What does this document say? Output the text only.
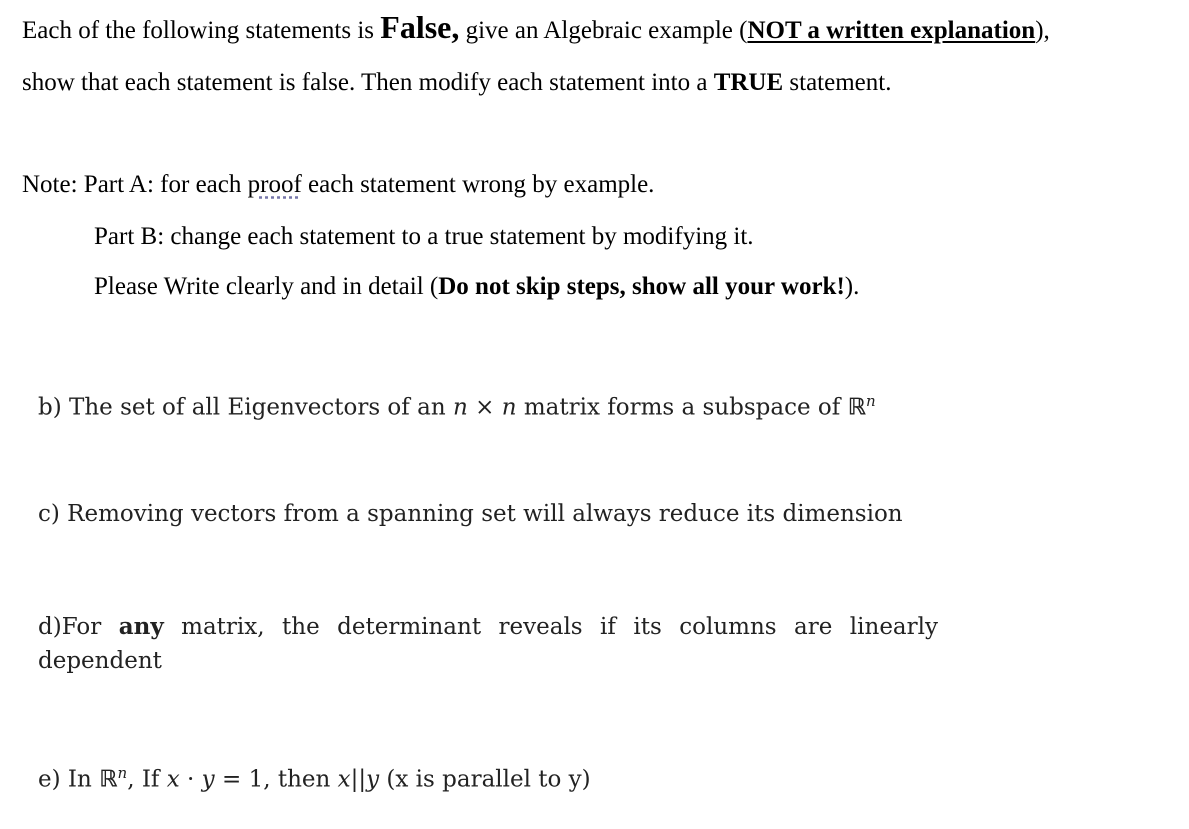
Each of the following statements is False, give an Algebraic example (NOT a written explanation),
show that each statement is false. Then modify each statement into a TRUE statement.
Note: Part A: for each proof each statement wrong by example.
Part B: change each statement to a true statement by modifying it.
Please Write clearly and in detail (Do not skip steps, show all your work!).
b) The set of all Eigenvectors of an n × n matrix forms a subspace of ℝ$^n$
c) Removing vectors from a spanning set will always reduce its dimension
d)For any matrix, the determinant reveals if its columns are linearly dependent
e) In ℝ$^n$, If x · y = 1, then x||y (x is parallel to y)
